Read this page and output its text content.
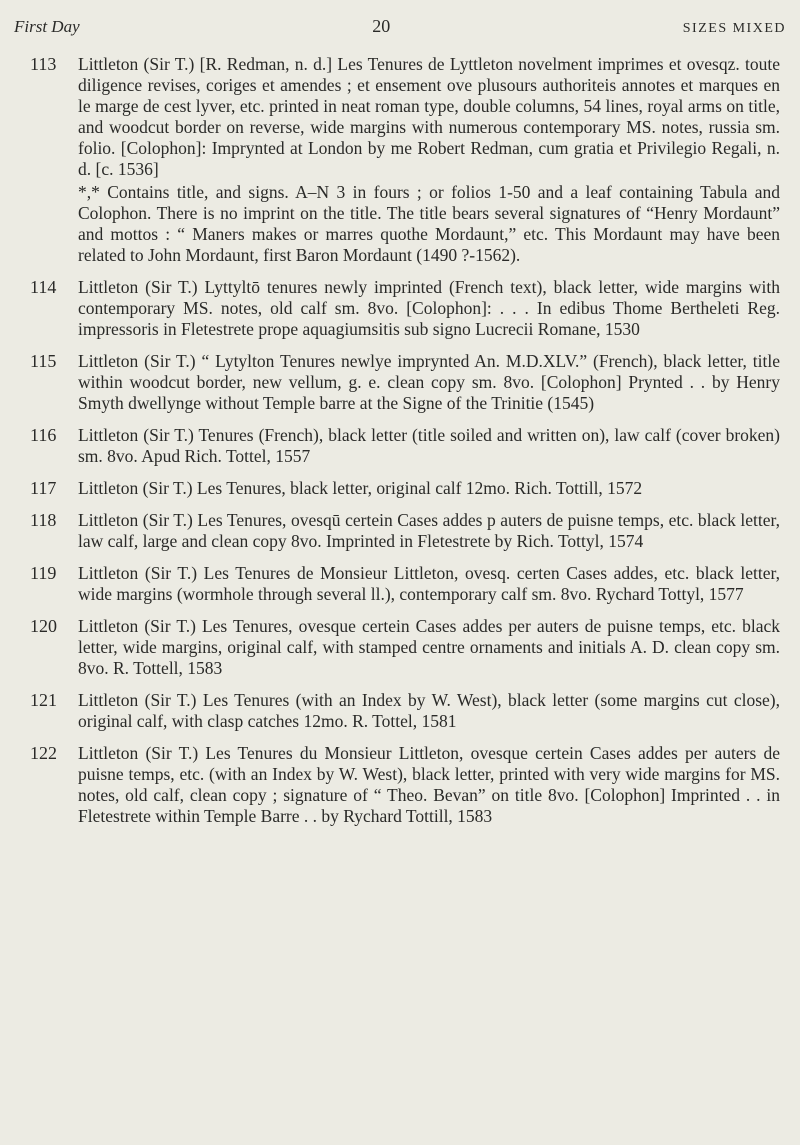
First Day	20	SIZES MIXED
113	Littleton (Sir T.) [R. Redman, n. d.] Les Tenures de Lyttleton novelment imprimes et ovesqz. toute diligence revises, coriges et amendes ; et ensement ove plusours authoriteis annotes et marques en le marge de cest lyver, etc. printed in neat roman type, double columns, 54 lines, royal arms on title, and woodcut border on reverse, wide margins with numerous contemporary MS. notes, russia sm. folio. [Colophon]: Imprynted at London by me Robert Redman, cum gratia et Privilegio Regali, n. d. [c. 1536]

*,* Contains title, and signs. A–N 3 in fours ; or folios 1-50 and a leaf containing Tabula and Colophon. There is no imprint on the title. The title bears several signatures of “Henry Mordaunt” and mottos : “ Maners makes or marres quothe Mordaunt,” etc. This Mordaunt may have been related to John Mordaunt, first Baron Mordaunt (1490 ?-1562).

114	Littleton (Sir T.) Lyttyltō tenures newly imprinted (French text), black letter, wide margins with contemporary MS. notes, old calf sm. 8vo. [Colophon]: . . . In edibus Thome Bertheleti Reg. impressoris in Fletestrete prope aquagiumsitis sub signo Lucrecii Romane, 1530

115	Littleton (Sir T.) “ Lytylton Tenures newlye imprynted An. M.D.XLV.” (French), black letter, title within woodcut border, new vellum, g. e. clean copy sm. 8vo. [Colophon] Prynted . . by Henry Smyth dwellynge without Temple barre at the Signe of the Trinitie (1545)

116	Littleton (Sir T.) Tenures (French), black letter (title soiled and written on), law calf (cover broken) sm. 8vo. Apud Rich. Tottel, 1557

117	Littleton (Sir T.) Les Tenures, black letter, original calf 12mo. Rich. Tottill, 1572

118	Littleton (Sir T.) Les Tenures, ovesqū certein Cases addes p auters de puisne temps, etc. black letter, law calf, large and clean copy 8vo. Imprinted in Fletestrete by Rich. Tottyl, 1574

119	Littleton (Sir T.) Les Tenures de Monsieur Littleton, ovesq. certen Cases addes, etc. black letter, wide margins (wormhole through several ll.), contemporary calf sm. 8vo. Rychard Tottyl, 1577

120	Littleton (Sir T.) Les Tenures, ovesque certein Cases addes per auters de puisne temps, etc. black letter, wide margins, original calf, with stamped centre ornaments and initials A. D. clean copy sm. 8vo. R. Tottell, 1583

121	Littleton (Sir T.) Les Tenures (with an Index by W. West), black letter (some margins cut close), original calf, with clasp catches 12mo. R. Tottel, 1581

122	Littleton (Sir T.) Les Tenures du Monsieur Littleton, ovesque certein Cases addes per auters de puisne temps, etc. (with an Index by W. West), black letter, printed with very wide margins for MS. notes, old calf, clean copy ; signature of “ Theo. Bevan” on title 8vo. [Colophon] Imprinted . . in Fletestrete within Temple Barre . . by Rychard Tottill, 1583
